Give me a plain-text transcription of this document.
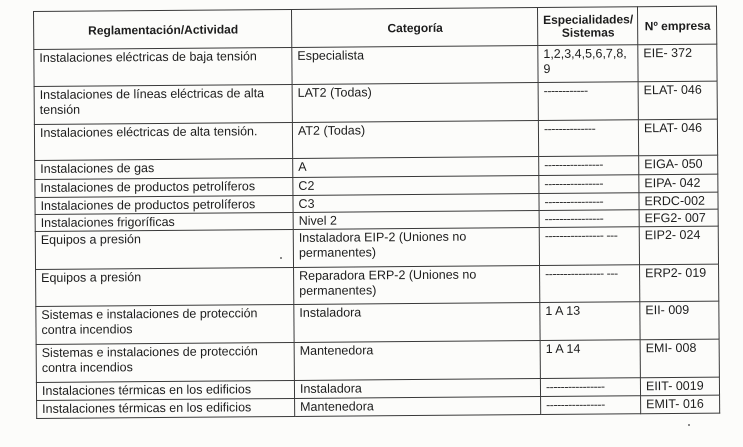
Reglamentación/Actividad	Categoría	Especialidades/ Sistemas	Nº empresa
Instalaciones eléctricas de baja tensión	Especialista	1,2,3,4,5,6,7,8, 9	EIE- 372
Instalaciones de líneas eléctricas de alta tensión	LAT2 (Todas)	------------	ELAT- 046
Instalaciones eléctricas de alta tensión.	AT2 (Todas)	--------------	ELAT- 046
Instalaciones de gas	A	----------------	EIGA- 050
Instalaciones de productos petrolíferos	C2	----------------	EIPA- 042
Instalaciones de productos petrolíferos	C3	----------------	ERDC-002
Instalaciones frigoríficas	Nivel 2	----------------	EFG2- 007
Equipos a presión	Instaladora EIP-2 (Uniones no permanentes)	---------------- ---	EIP2- 024
Equipos a presión	Reparadora ERP-2 (Uniones no permanentes)	---------------- ---	ERP2- 019
Sistemas e instalaciones de protección contra incendios	Instaladora	1 A 13	EII- 009
Sistemas e instalaciones de protección contra incendios	Mantenedora	1 A 14	EMI- 008
Instalaciones térmicas en los edificios	Instaladora	----------------	EIIT- 0019
Instalaciones térmicas en los edificios	Mantenedora	----------------	EMIT- 016
